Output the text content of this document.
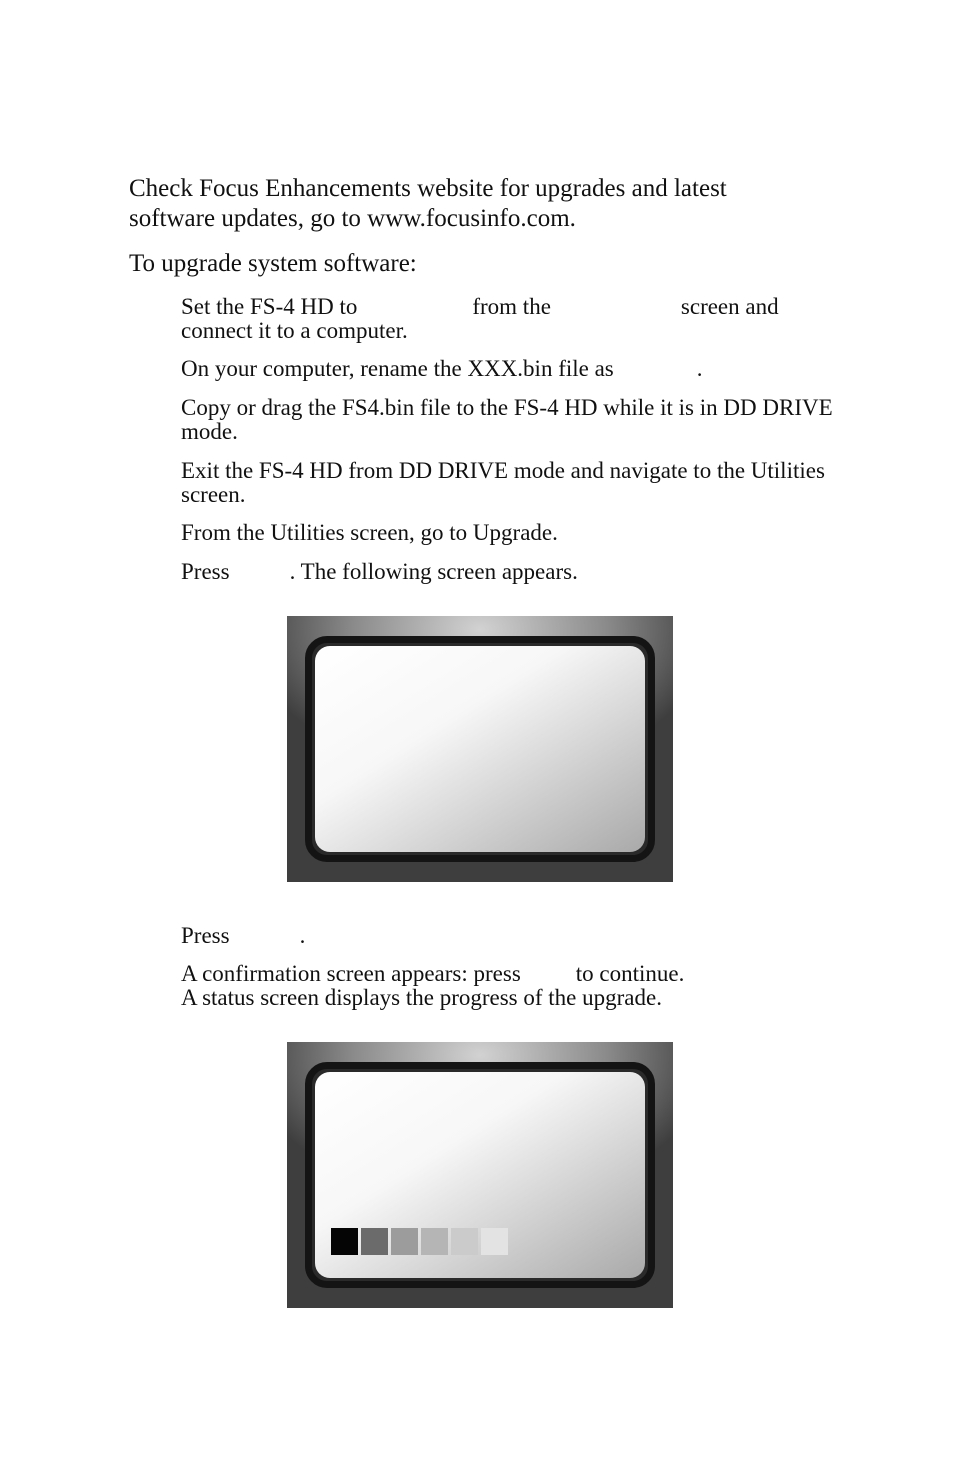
Check Focus Enhancements website for upgrades and latest
software updates, go to www.focusinfo.com.

To upgrade system software:

Set the FS-4 HD to	from the	screen and
connect it to a computer.

On your computer, rename the XXX.bin file as	.

Copy or drag the FS4.bin file to the FS-4 HD while it is in DD DRIVE mode.

Exit the FS-4 HD from DD DRIVE mode and navigate to the Utilities screen.

From the Utilities screen, go to Upgrade.

Press	. The following screen appears.

Press	.

A confirmation screen appears: press to continue.
A status screen displays the progress of the upgrade.
